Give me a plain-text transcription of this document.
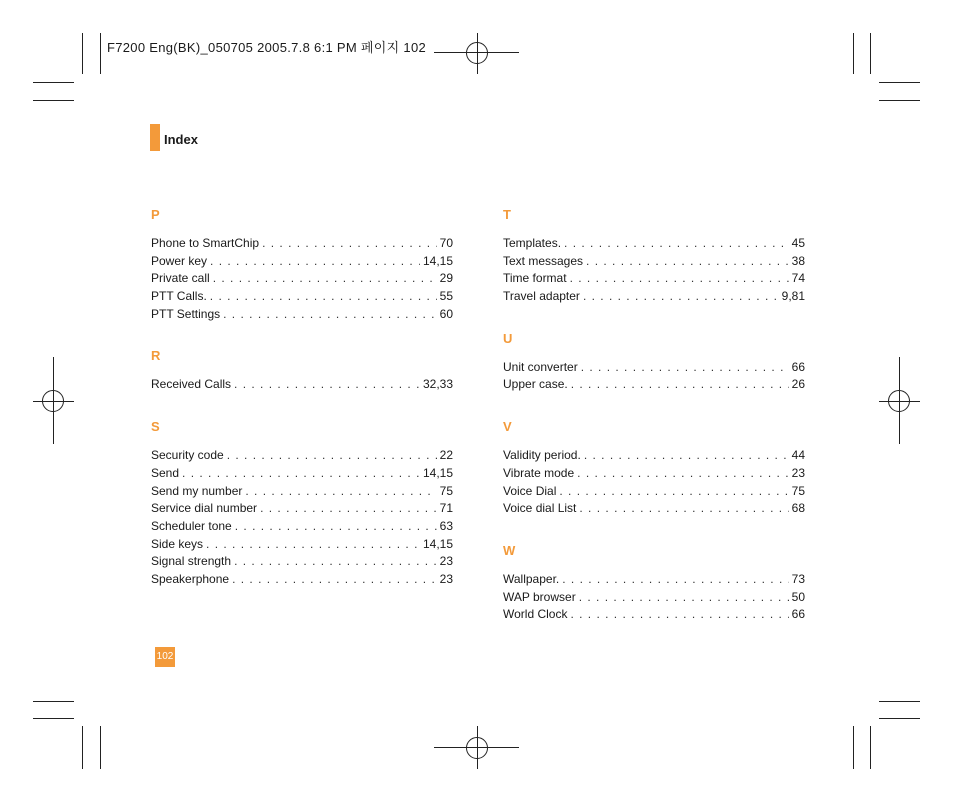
F7200 Eng(BK)_050705 2005.7.8 6:1 PM 페이지 102
Index
P
Phone to SmartChip . . .	70
Power key . . .	14,15
Private call . . .	29
PTT Calls. . . .	55
PTT Settings . . .	60
R
Received Calls . . .	32,33
S
Security code . . .	22
Send . . .	14,15
Send my number . . .	75
Service dial number . . .	71
Scheduler tone . . .	63
Side keys . . .	14,15
Signal strength . . .	23
Speakerphone . . .	23
T
Templates. . . .	45
Text messages . . .	38
Time format . . .	74
Travel adapter . . .	9,81
U
Unit converter . . .	66
Upper case. . . .	26
V
Validity period. . . .	44
Vibrate mode . . .	23
Voice Dial . . .	75
Voice dial List . . .	68
W
Wallpaper. . . .	73
WAP browser . . .	50
World Clock . . .	66
102
